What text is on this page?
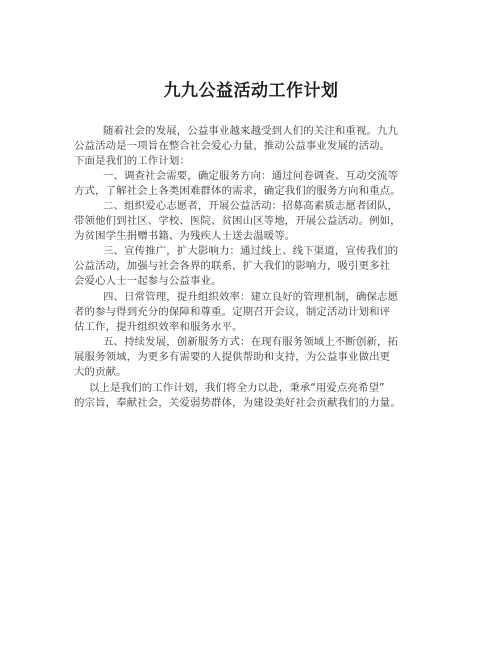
九九公益活动工作计划
随着社会的发展，公益事业越来越受到人们的关注和重视。九九
公益活动是一项旨在整合社会爱心力量，推动公益事业发展的活动。
下面是我们的工作计划：
一、调查社会需要，确定服务方向：通过问卷调查、互动交流等
方式，了解社会上各类困难群体的需求，确定我们的服务方向和重点。
二、组织爱心志愿者，开展公益活动：招募高素质志愿者团队，
带领他们到社区、学校、医院、贫困山区等地，开展公益活动。例如，
为贫困学生捐赠书籍、为残疾人士送去温暖等。
三、宣传推广，扩大影响力：通过线上、线下渠道，宣传我们的
公益活动，加强与社会各界的联系，扩大我们的影响力，吸引更多社
会爱心人士一起参与公益事业。
四、日常管理，提升组织效率：建立良好的管理机制，确保志愿
者的参与得到充分的保障和尊重。定期召开会议，制定活动计划和评
估工作，提升组织效率和服务水平。
五、持续发展，创新服务方式：在现有服务领域上不断创新，拓
展服务领域，为更多有需要的人提供帮助和支持，为公益事业做出更
大的贡献。
以上是我们的工作计划，我们将全力以赴，秉承“用爱点亮希望”
的宗旨，奉献社会，关爱弱势群体，为建设美好社会贡献我们的力量。
